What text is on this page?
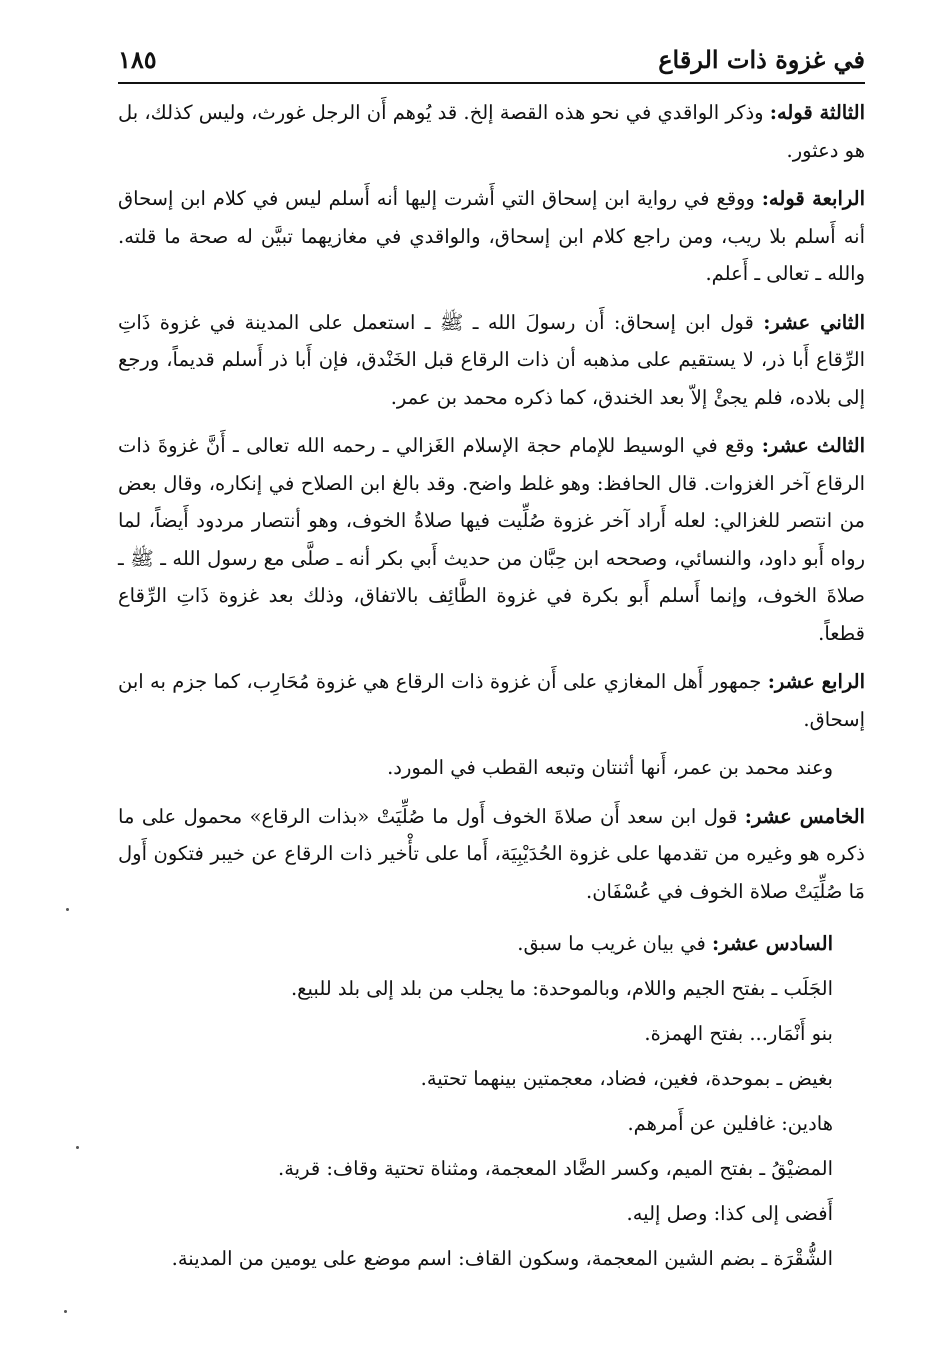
في غزوة ذات الرقاع
١٨٥

الثالثة قوله: وذكر الواقدي في نحو هذه القصة إلخ. قد يُوهم أَن الرجل غورث، وليس كذلك، بل هو دعثور.

الرابعة قوله: ووقع في رواية ابن إسحاق التي أَشرت إليها أنه أَسلم ليس في كلام ابن إسحاق أنه أَسلم بلا ريب، ومن راجع كلام ابن إسحاق، والواقدي في مغازيهما تبيَّن له صحة ما قلته. والله ـ تعالى ـ أَعلم.

الثاني عشر: قول ابن إسحاق: أَن رسولَ الله ـ ﷺ ـ استعمل على المدينة في غزوة ذَاتِ الرِّقاع أَبا ذر، لا يستقيم على مذهبه أن ذات الرقاع قبل الخَنْدق، فإن أَبا ذر أَسلم قديماً، ورجع إلى بلاده، فلم يجئْ إلاّ بعد الخندق، كما ذكره محمد بن عمر.

الثالث عشر: وقع في الوسيط للإمام حجة الإسلام الغَزالي ـ رحمه الله تعالى ـ أَنَّ غزوةَ ذات الرقاع آخر الغزوات. قال الحافظ: وهو غلط واضح. وقد بالغ ابن الصلاح في إنكاره، وقال بعض من انتصر للغزالي: لعله أَراد آخر غزوة صُلِّيت فيها صلاةُ الخوف، وهو أنتصار مردود أَيضاً، لما رواه أَبو داود، والنسائي، وصححه ابن حِبَّان من حديث أَبي بكر أنه ـ صلَّى مع رسول الله ـ ﷺ ـ صلاةَ الخوف، وإنما أَسلم أَبو بكرة في غزوة الطَّائِف بالاتفاق، وذلك بعد غزوة ذَاتِ الرِّقاع قطعاً.

الرابع عشر: جمهور أَهل المغازي على أَن غزوة ذات الرقاع هي غزوة مُحَارِب، كما جزم به ابن إسحاق.

وعند محمد بن عمر، أَنها أثنتان وتبعه القطب في المورد.

الخامس عشر: قول ابن سعد أَن صلاةَ الخوف أَول ما صُلِّيَتْ «بذات الرقاع» محمول على ما ذكره هو وغيره من تقدمها على غزوة الحُدَيْبِيَة، أَما على تأْخير ذات الرقاع عن خيبر فتكون أَول مَا صُلِّيَتْ صلاة الخوف في عُسْفَان.

السادس عشر: في بيان غريب ما سبق.
الجَلَب ـ بفتح الجيم واللام، وبالموحدة: ما يجلب من بلد إلى بلد للبيع.
بنو أَنْمَار... بفتح الهمزة.
بغيض ـ بموحدة، فغين، فضاد، معجمتين بينهما تحتية.
هادين: غافلين عن أَمرهم.
المضيْقُ ـ بفتح الميم، وكسر الضَّاد المعجمة، ومثناة تحتية وقاف: قرية.
أَفضى إلى كذا: وصل إليه.
الشُّقْرَة ـ بضم الشين المعجمة، وسكون القاف: اسم موضع على يومين من المدينة.
